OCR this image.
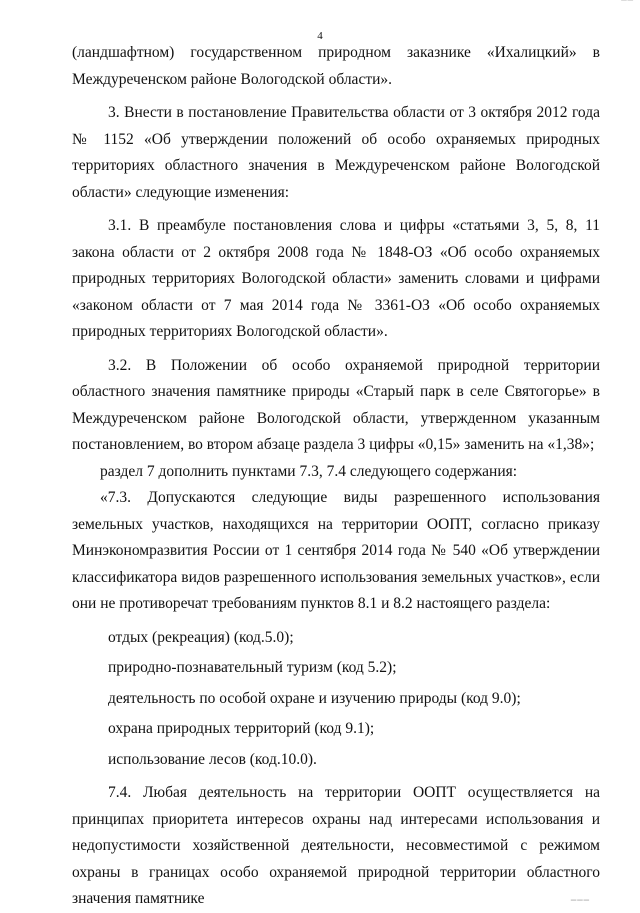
4

(ландшафтном) государственном природном заказнике «Ихалицкий» в Междуреченском районе Вологодской области».

3. Внести в постановление Правительства области от 3 октября 2012 года № 1152 «Об утверждении положений об особо охраняемых природных территориях областного значения в Междуреченском районе Вологодской области» следующие изменения:

3.1. В преамбуле постановления слова и цифры «статьями 3, 5, 8, 11 закона области от 2 октября 2008 года № 1848-ОЗ «Об особо охраняемых природных территориях Вологодской области» заменить словами и цифрами «законом области от 7 мая 2014 года № 3361-ОЗ «Об особо охраняемых природных территориях Вологодской области».

3.2. В Положении об особо охраняемой природной территории областного значения памятнике природы «Старый парк в селе Святогорье» в Междуреченском районе Вологодской области, утвержденном указанным постановлением, во втором абзаце раздела 3 цифры «0,15» заменить на «1,38»;

раздел 7 дополнить пунктами 7.3, 7.4 следующего содержания:

«7.3. Допускаются следующие виды разрешенного использования земельных участков, находящихся на территории ООПТ, согласно приказу Минэкономразвития России от 1 сентября 2014 года № 540 «Об утверждении классификатора видов разрешенного использования земельных участков», если они не противоречат требованиям пунктов 8.1 и 8.2 настоящего раздела:

отдых (рекреация) (код.5.0);

природно-познавательный туризм (код 5.2);

деятельность по особой охране и изучению природы (код 9.0);

охрана природных территорий (код 9.1);

использование лесов (код.10.0).

7.4. Любая деятельность на территории ООПТ осуществляется на принципах приоритета интересов охраны над интересами использования и недопустимости хозяйственной деятельности, несовместимой с режимом охраны в границах особо охраняемой природной территории областного значения памятнике

▔▔
▁▁▁
